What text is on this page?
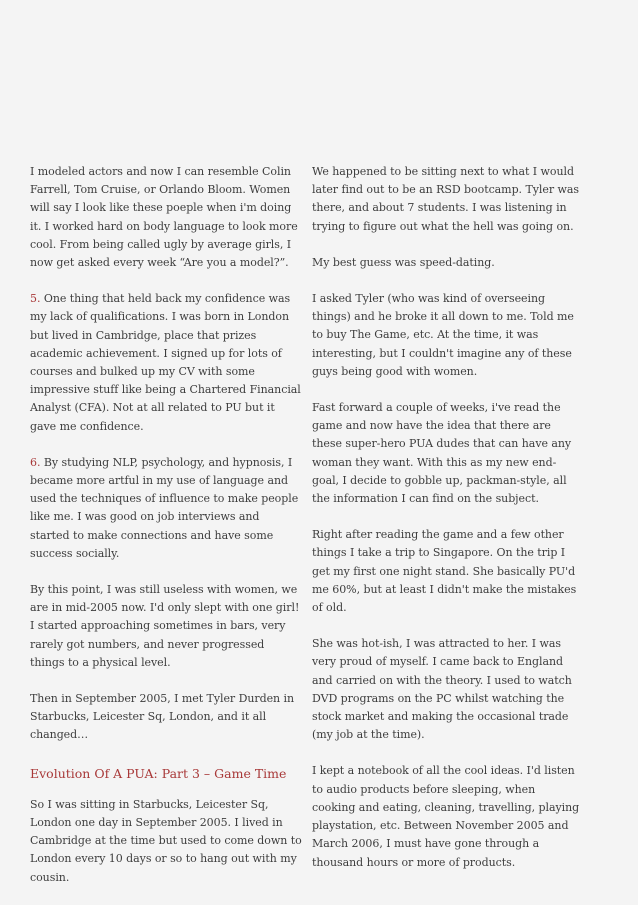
I modeled actors and now I can resemble Colin Farrell, Tom Cruise, or Orlando Bloom. Women will say I look like these poeple when i'm doing it. I worked hard on body language to look more cool. From being called ugly by average girls, I now get asked every week “Are you a model?”.

5. One thing that held back my confidence was my lack of qualifications. I was born in London but lived in Cambridge, place that prizes academic achievement. I signed up for lots of courses and bulked up my CV with some impressive stuff like being a Chartered Financial Analyst (CFA). Not at all related to PU but it gave me confidence.

6. By studying NLP, psychology, and hypnosis, I became more artful in my use of language and used the techniques of influence to make people like me. I was good on job interviews and started to make connections and have some success socially.

By this point, I was still useless with women, we are in mid-2005 now. I'd only slept with one girl! I started approaching sometimes in bars, very rarely got numbers, and never progressed things to a physical level.

Then in September 2005, I met Tyler Durden in Starbucks, Leicester Sq, London, and it all changed…

Evolution Of A PUA: Part 3 – Game Time

So I was sitting in Starbucks, Leicester Sq, London one day in September 2005. I lived in Cambridge at the time but used to come down to London every 10 days or so to hang out with my cousin.

We happened to be sitting next to what I would later find out to be an RSD bootcamp. Tyler was there, and about 7 students. I was listening in trying to figure out what the hell was going on.

My best guess was speed-dating.

I asked Tyler (who was kind of overseeing things) and he broke it all down to me. Told me to buy The Game, etc. At the time, it was interesting, but I couldn't imagine any of these guys being good with women.

Fast forward a couple of weeks, i've read the game and now have the idea that there are these super-hero PUA dudes that can have any woman they want. With this as my new end-goal, I decide to gobble up, packman-style, all the information I can find on the subject.

Right after reading the game and a few other things I take a trip to Singapore. On the trip I get my first one night stand. She basically PU'd me 60%, but at least I didn't make the mistakes of old.

She was hot-ish, I was attracted to her. I was very proud of myself. I came back to England and carried on with the theory. I used to watch DVD programs on the PC whilst watching the stock market and making the occasional trade (my job at the time).

I kept a notebook of all the cool ideas. I'd listen to audio products before sleeping, when cooking and eating, cleaning, travelling, playing playstation, etc. Between November 2005 and March 2006, I must have gone through a thousand hours or more of products.
